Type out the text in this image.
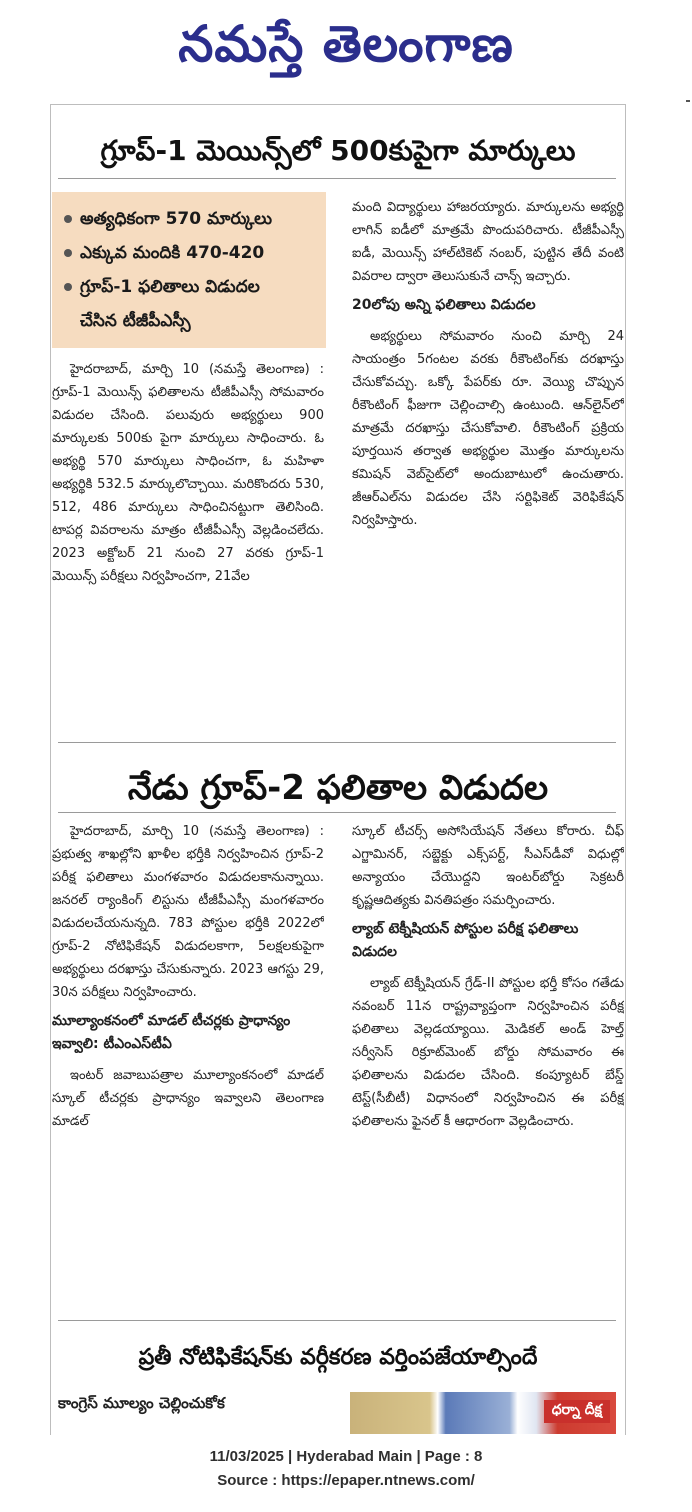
నమస్తే తెలంగాణ
గ్రూప్-1 మెయిన్స్‌లో 500కుపైగా మార్కులు
అత్యధికంగా 570 మార్కులు
ఎక్కువ మందికి 470-420
గ్రూప్-1 ఫలితాలు విడుదల
చేసిన టీజీపీఎస్సీ

హైదరాబాద్, మార్చి 10 (నమస్తే తెలంగాణ) : గ్రూప్-1 మెయిన్స్ ఫలితాలను టీజీపీఎస్సీ సోమవారం విడుదల చేసింది. పలువురు అభ్యర్థులు 900 మార్కులకు 500కు పైగా మార్కులు సాధించారు. ఓ అభ్యర్థి 570 మార్కులు సాధించగా, ఓ మహిళా అభ్యర్థికి 532.5 మార్కులొచ్చాయి. మరికొందరు 530, 512, 486 మార్కులు సాధించినట్టుగా తెలిసింది. టాపర్ల వివరాలను మాత్రం టీజీపీఎస్సీ వెల్లడించలేదు. 2023 అక్టోబర్ 21 నుంచి 27 వరకు గ్రూప్-1 మెయిన్స్ పరీక్షలు నిర్వహించగా, 21వేల

మంది విద్యార్థులు హాజరయ్యారు. మార్కులను అభ్యర్థి లాగిన్ ఐడీలో మాత్రమే పొందుపరిచారు. టీజీపీఎస్సీ ఐడీ, మెయిన్స్ హాల్‌టికెట్ నంబర్, పుట్టిన తేదీ వంటి వివరాల ద్వారా తెలుసుకునే చాన్స్ ఇచ్చారు.

20లోపు అన్ని ఫలితాలు విడుదల

అభ్యర్థులు సోమవారం నుంచి మార్చి 24 సాయంత్రం 5గంటల వరకు రీకౌంటింగ్‌కు దరఖాస్తు చేసుకోవచ్చు. ఒక్కో పేపర్‌కు రూ. వెయ్యి చొప్పున రీకౌంటింగ్ ఫీజుగా చెల్లించాల్సి ఉంటుంది. ఆన్‌లైన్‌లో మాత్రమే దరఖాస్తు చేసుకోవాలి. రీకౌంటింగ్ ప్రక్రియ పూర్తయిన తర్వాత అభ్యర్థుల మొత్తం మార్కులను కమిషన్ వెబ్‌సైట్‌లో అందుబాటులో ఉంచుతారు. జీఆర్‌ఎల్‌ను విడుదల చేసి సర్టిఫికెట్ వెరిఫికేషన్ నిర్వహిస్తారు.

నేడు గ్రూప్-2 ఫలితాల విడుదల

హైదరాబాద్, మార్చి 10 (నమస్తే తెలంగాణ) : ప్రభుత్వ శాఖల్లోని ఖాళీల భర్తీకి నిర్వహించిన గ్రూప్-2 పరీక్ష ఫలితాలు మంగళవారం విడుదలకానున్నాయి. జనరల్ ర్యాంకింగ్ లిస్టును టీజీపీఎస్సీ మంగళవారం విడుదలచేయనున్నది. 783 పోస్టుల భర్తీకి 2022లో గ్రూప్-2 నోటిఫికేషన్ విడుదలకాగా, 5లక్షలకుపైగా అభ్యర్థులు దరఖాస్తు చేసుకున్నారు. 2023 ఆగస్టు 29, 30న పరీక్షలు నిర్వహించారు.

మూల్యాంకనంలో మాడల్ టీచర్లకు ప్రాధాన్యం ఇవ్వాలి: టీఎంఎస్‌టీఏ

ఇంటర్ జవాబుపత్రాల మూల్యాంకనంలో మాడల్ స్కూల్ టీచర్లకు ప్రాధాన్యం ఇవ్వాలని తెలంగాణ మాడల్

స్కూల్ టీచర్స్ అసోసియేషన్ నేతలు కోరారు. చీఫ్ ఎగ్జామినర్, సబ్జెక్టు ఎక్స్‌పర్ట్, సీఎస్‌డీవో విధుల్లో అన్యాయం చేయొద్దని ఇంటర్‌బోర్డు సెక్రటరీ కృష్ణఆదిత్యకు వినతిపత్రం సమర్పించారు.

ల్యాబ్ టెక్నీషియన్ పోస్టుల పరీక్ష ఫలితాలు విడుదల

ల్యాబ్ టెక్నీషియన్ గ్రేడ్-II పోస్టుల భర్తీ కోసం గతేడు నవంబర్ 11న రాష్ట్రవ్యాప్తంగా నిర్వహించిన పరీక్ష ఫలితాలు వెల్లడయ్యాయి. మెడికల్ అండ్ హెల్త్ సర్వీసెస్ రిక్రూట్‌మెంట్ బోర్డు సోమవారం ఈ ఫలితాలను విడుదల చేసింది. కంప్యూటర్ బేస్డ్ టెస్ట్(సీబీటీ) విధానంలో నిర్వహించిన ఈ పరీక్ష ఫలితాలను ఫైనల్ కీ ఆధారంగా వెల్లడించారు.

ప్రతీ నోటిఫికేషన్‌కు వర్గీకరణ వర్తింపజేయాల్సిందే
కాంగ్రెస్ మూల్యం చెల్లించుకోక	ధర్నా దీక్ష
11/03/2025 | Hyderabad Main | Page : 8
Source : https://epaper.ntnews.com/
